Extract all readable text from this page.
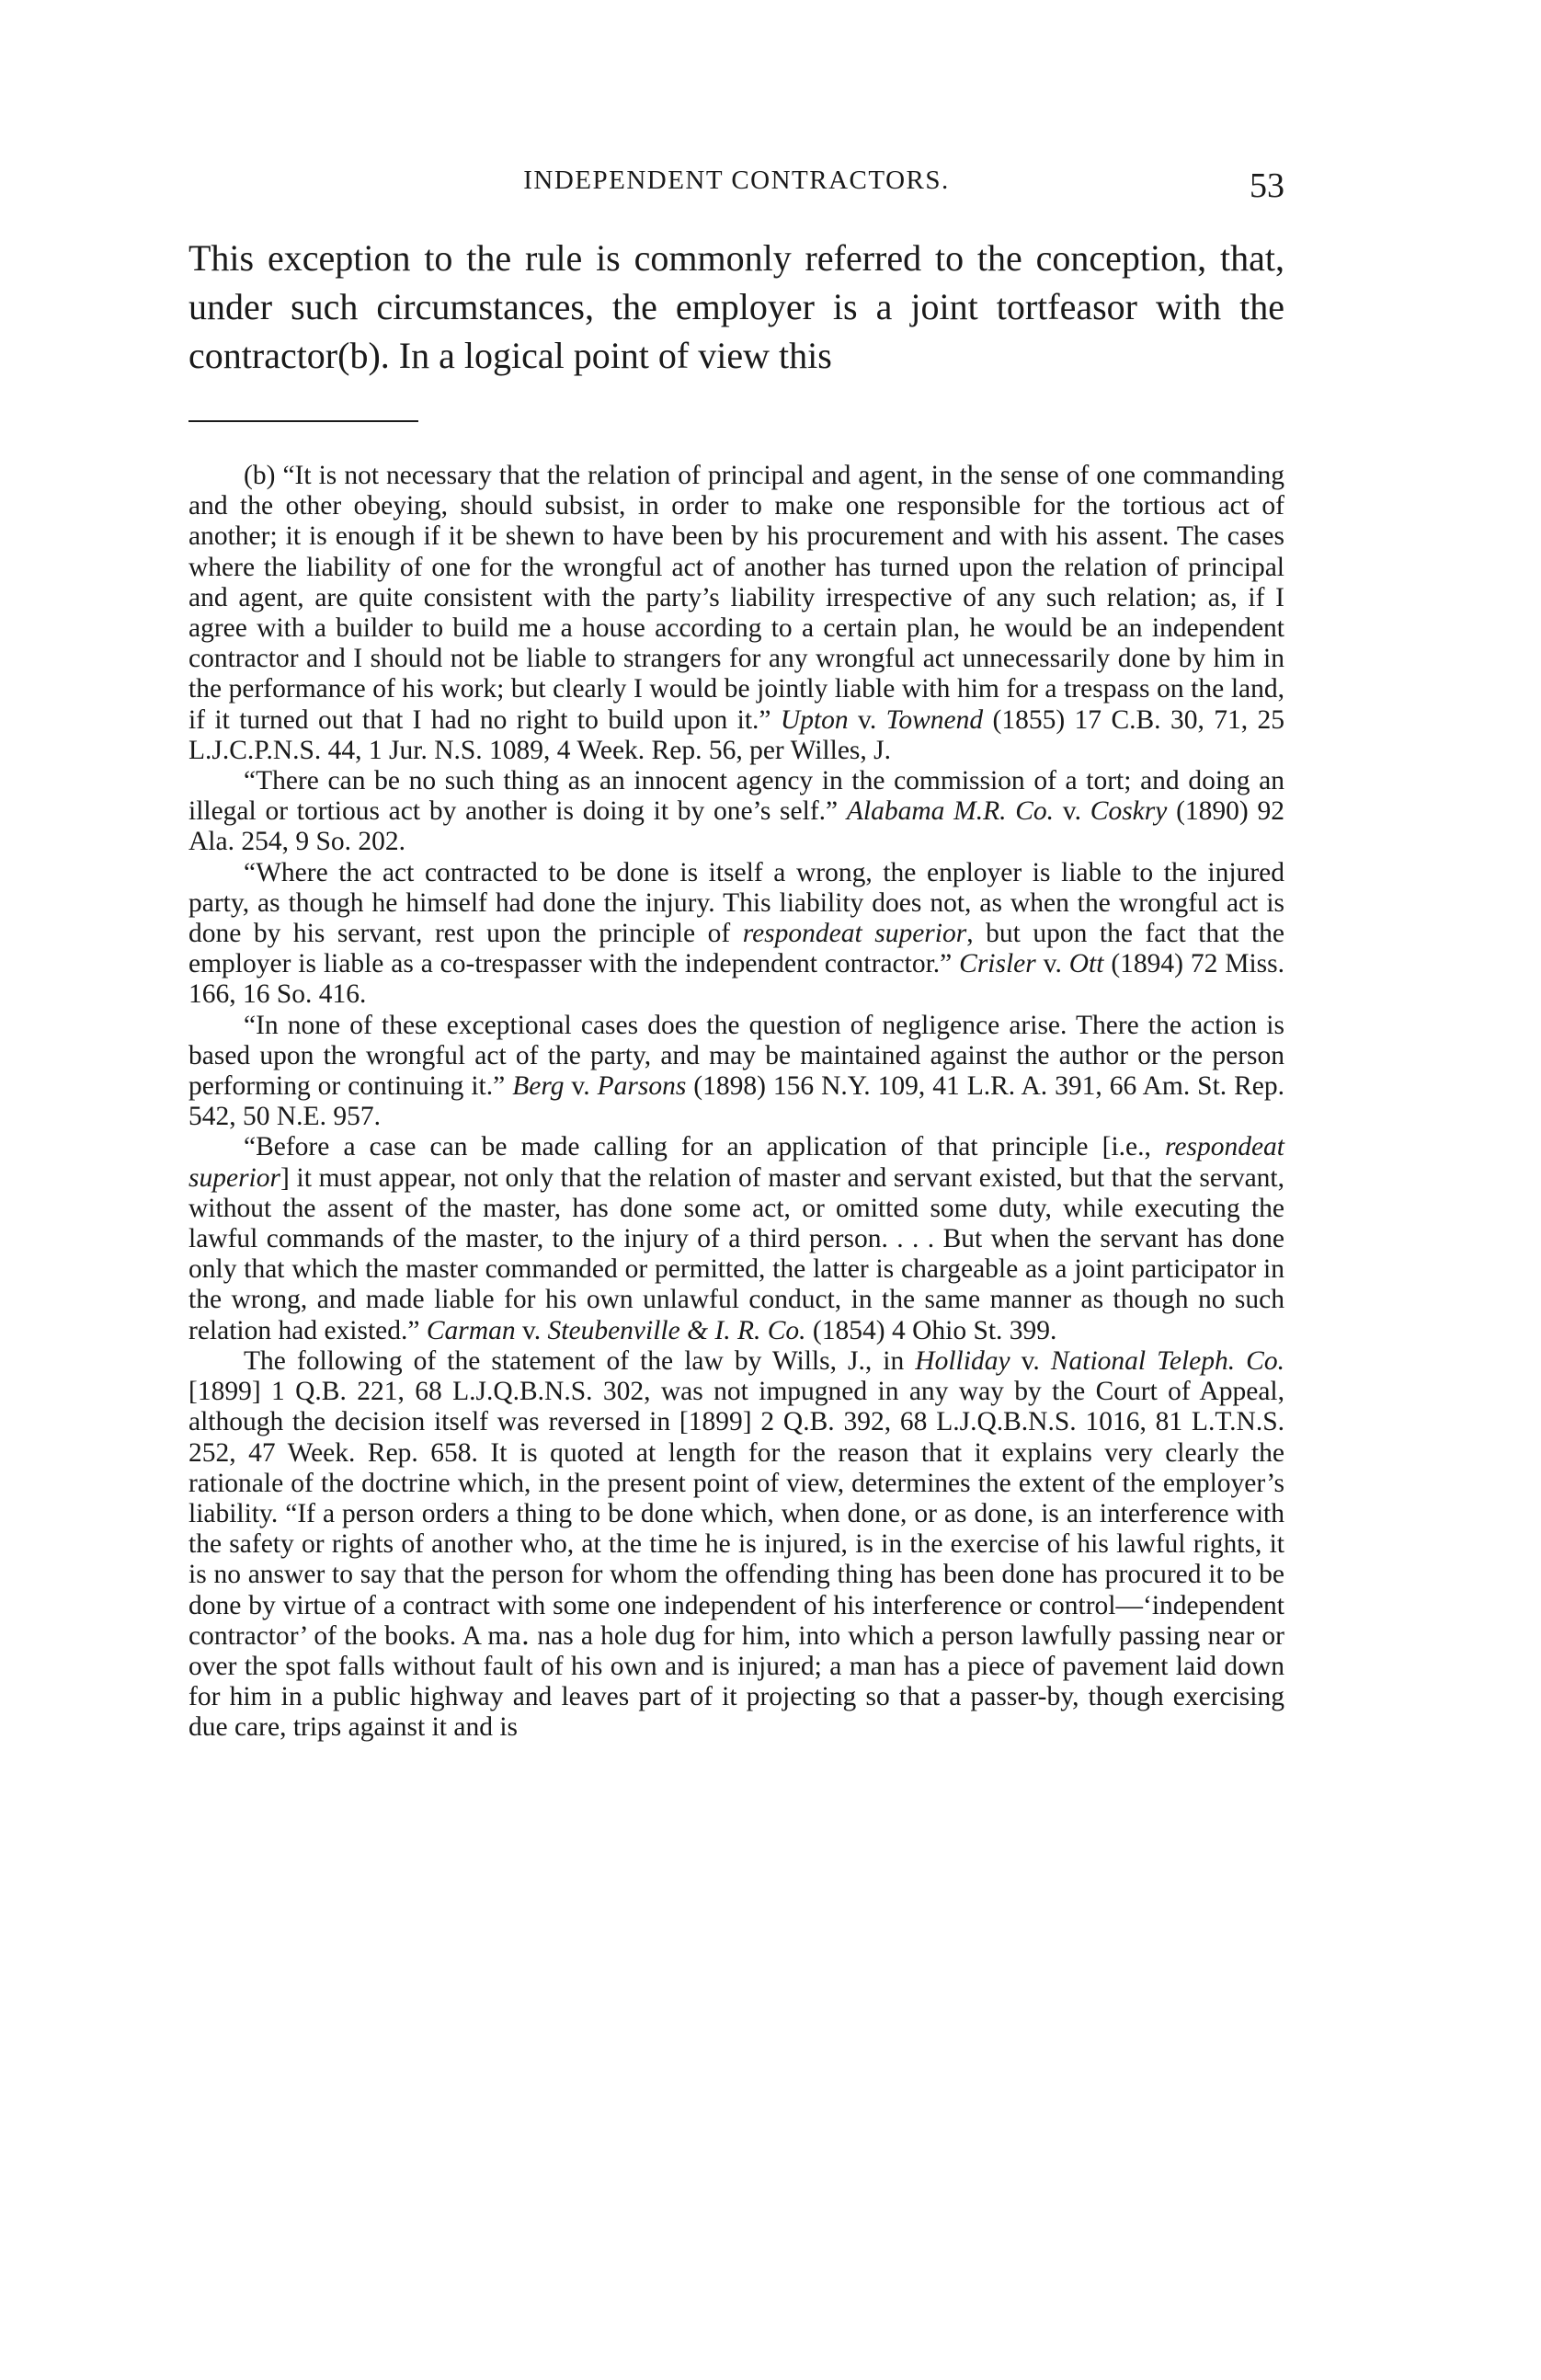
INDEPENDENT CONTRACTORS.	53

This exception to the rule is commonly referred to the conception, that, under such circumstances, the employer is a joint tortfeasor with the contractor(b). In a logical point of view this

(b) “It is not necessary that the relation of principal and agent, in the sense of one commanding and the other obeying, should subsist, in order to make one responsible for the tortious act of another; it is enough if it be shewn to have been by his procurement and with his assent. The cases where the liability of one for the wrongful act of another has turned upon the relation of principal and agent, are quite consistent with the party’s liability irrespective of any such relation; as, if I agree with a builder to build me a house according to a certain plan, he would be an independent contractor and I should not be liable to strangers for any wrongful act unnecessarily done by him in the performance of his work; but clearly I would be jointly liable with him for a trespass on the land, if it turned out that I had no right to build upon it.” Upton v. Townend (1855) 17 C.B. 30, 71, 25 L.J.C.P.N.S. 44, 1 Jur. N.S. 1089, 4 Week. Rep. 56, per Willes, J.

“There can be no such thing as an innocent agency in the commission of a tort; and doing an illegal or tortious act by another is doing it by one’s self.” Alabama M.R. Co. v. Coskry (1890) 92 Ala. 254, 9 So. 202.

“Where the act contracted to be done is itself a wrong, the enployer is liable to the injured party, as though he himself had done the injury. This liability does not, as when the wrongful act is done by his servant, rest upon the principle of respondeat superior, but upon the fact that the employer is liable as a co-trespasser with the independent contractor.” Crisler v. Ott (1894) 72 Miss. 166, 16 So. 416.

“In none of these exceptional cases does the question of negligence arise. There the action is based upon the wrongful act of the party, and may be maintained against the author or the person performing or continuing it.” Berg v. Parsons (1898) 156 N.Y. 109, 41 L.R. A. 391, 66 Am. St. Rep. 542, 50 N.E. 957.

“Before a case can be made calling for an application of that principle [i.e., respondeat superior] it must appear, not only that the relation of master and servant existed, but that the servant, without the assent of the master, has done some act, or omitted some duty, while executing the lawful commands of the master, to the injury of a third person. . . . But when the servant has done only that which the master commanded or permitted, the latter is chargeable as a joint participator in the wrong, and made liable for his own unlawful conduct, in the same manner as though no such relation had existed.” Carman v. Steubenville & I. R. Co. (1854) 4 Ohio St. 399.

The following of the statement of the law by Wills, J., in Holliday v. National Teleph. Co. [1899] 1 Q.B. 221, 68 L.J.Q.B.N.S. 302, was not impugned in any way by the Court of Appeal, although the decision itself was reversed in [1899] 2 Q.B. 392, 68 L.J.Q.B.N.S. 1016, 81 L.T.N.S. 252, 47 Week. Rep. 658. It is quoted at length for the reason that it explains very clearly the rationale of the doctrine which, in the present point of view, determines the extent of the employer’s liability. “If a person orders a thing to be done which, when done, or as done, is an interference with the safety or rights of another who, at the time he is injured, is in the exercise of his lawful rights, it is no answer to say that the person for whom the offending thing has been done has procured it to be done by virtue of a contract with some one independent of his interference or control—‘independent contractor’ of the books. A ma․ nas a hole dug for him, into which a person lawfully passing near or over the spot falls without fault of his own and is injured; a man has a piece of pavement laid down for him in a public highway and leaves part of it projecting so that a passer-by, though exercising due care, trips against it and is
